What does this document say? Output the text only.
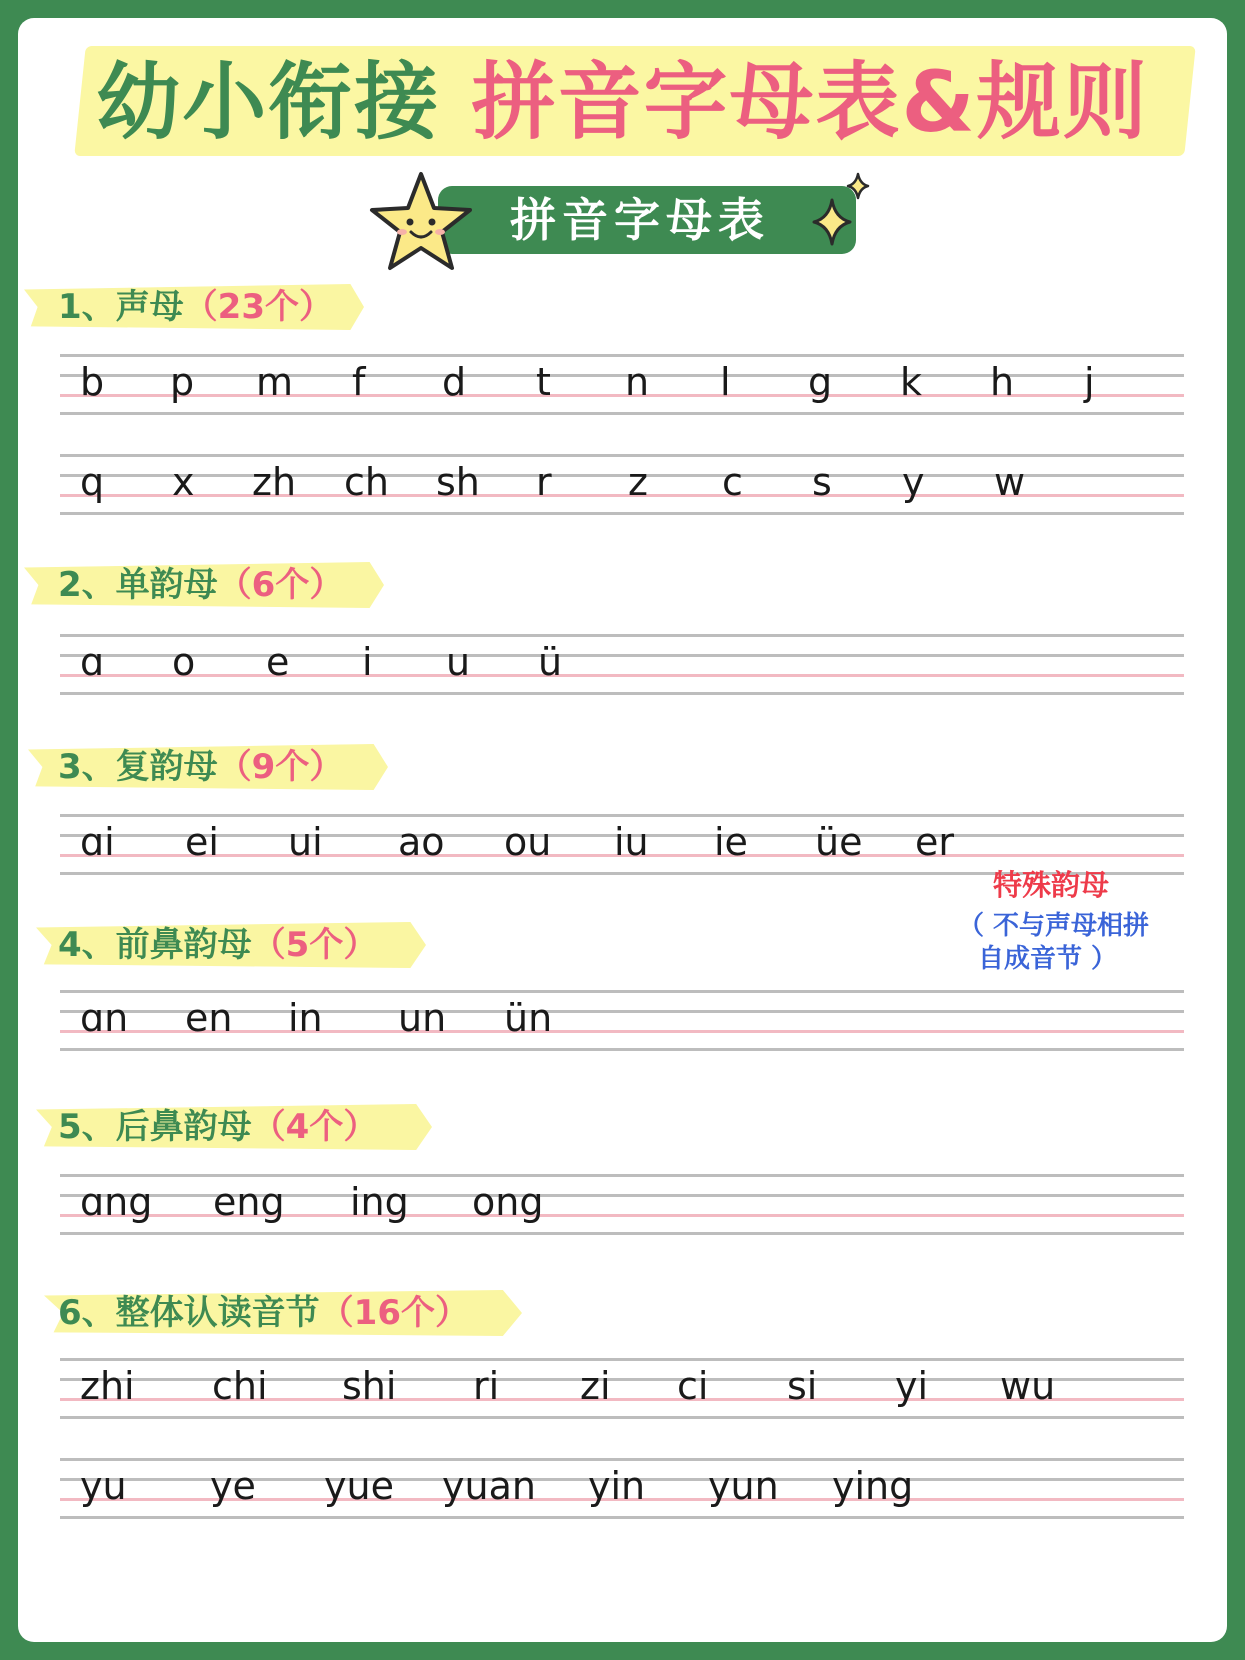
幼小衔接 拼音字母表&规则
拼音字母表
1、声母（23个）
b p m f d t n l g k h j
q x zh ch sh r z c s y w
2、单韵母（6个）
ɑ o e i u ü
3、复韵母（9个）
ɑi ei ui ao ou iu ie üe er
特殊韵母
（ 不与声母相拼
自成音节 ）
4、前鼻韵母（5个）
ɑn en in un ün
5、后鼻韵母（4个）
ɑng eng ing ong
6、整体认读音节（16个）
zhi chi shi ri zi ci si yi wu
yu ye yue yuan yin yun ying
